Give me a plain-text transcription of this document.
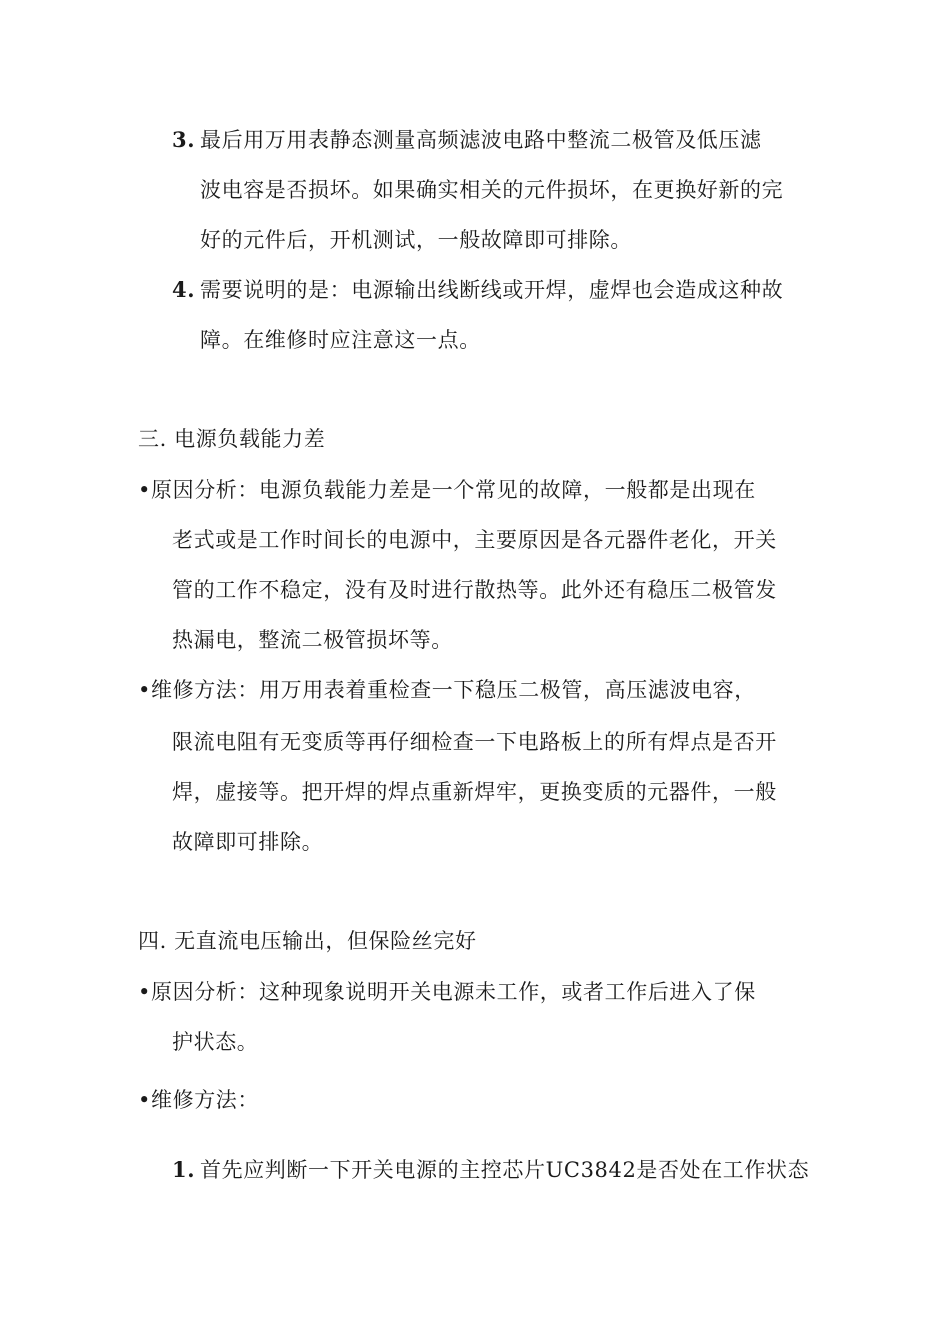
3. 最后用万用表静态测量高频滤波电路中整流二极管及低压滤
波电容是否损坏。如果确实相关的元件损坏，在更换好新的完
好的元件后，开机测试，一般故障即可排除。
4. 需要说明的是：电源输出线断线或开焊，虚焊也会造成这种故
障。在维修时应注意这一点。
三. 电源负载能力差
•原因分析：电源负载能力差是一个常见的故障，一般都是出现在
老式或是工作时间长的电源中，主要原因是各元器件老化，开关
管的工作不稳定，没有及时进行散热等。此外还有稳压二极管发
热漏电，整流二极管损坏等。
•维修方法：用万用表着重检查一下稳压二极管，高压滤波电容，
限流电阻有无变质等再仔细检查一下电路板上的所有焊点是否开
焊，虚接等。把开焊的焊点重新焊牢，更换变质的元器件，一般
故障即可排除。
四. 无直流电压输出，但保险丝完好
•原因分析：这种现象说明开关电源未工作，或者工作后进入了保
护状态。
•维修方法：
1. 首先应判断一下开关电源的主控芯片UC3842是否处在工作状态
